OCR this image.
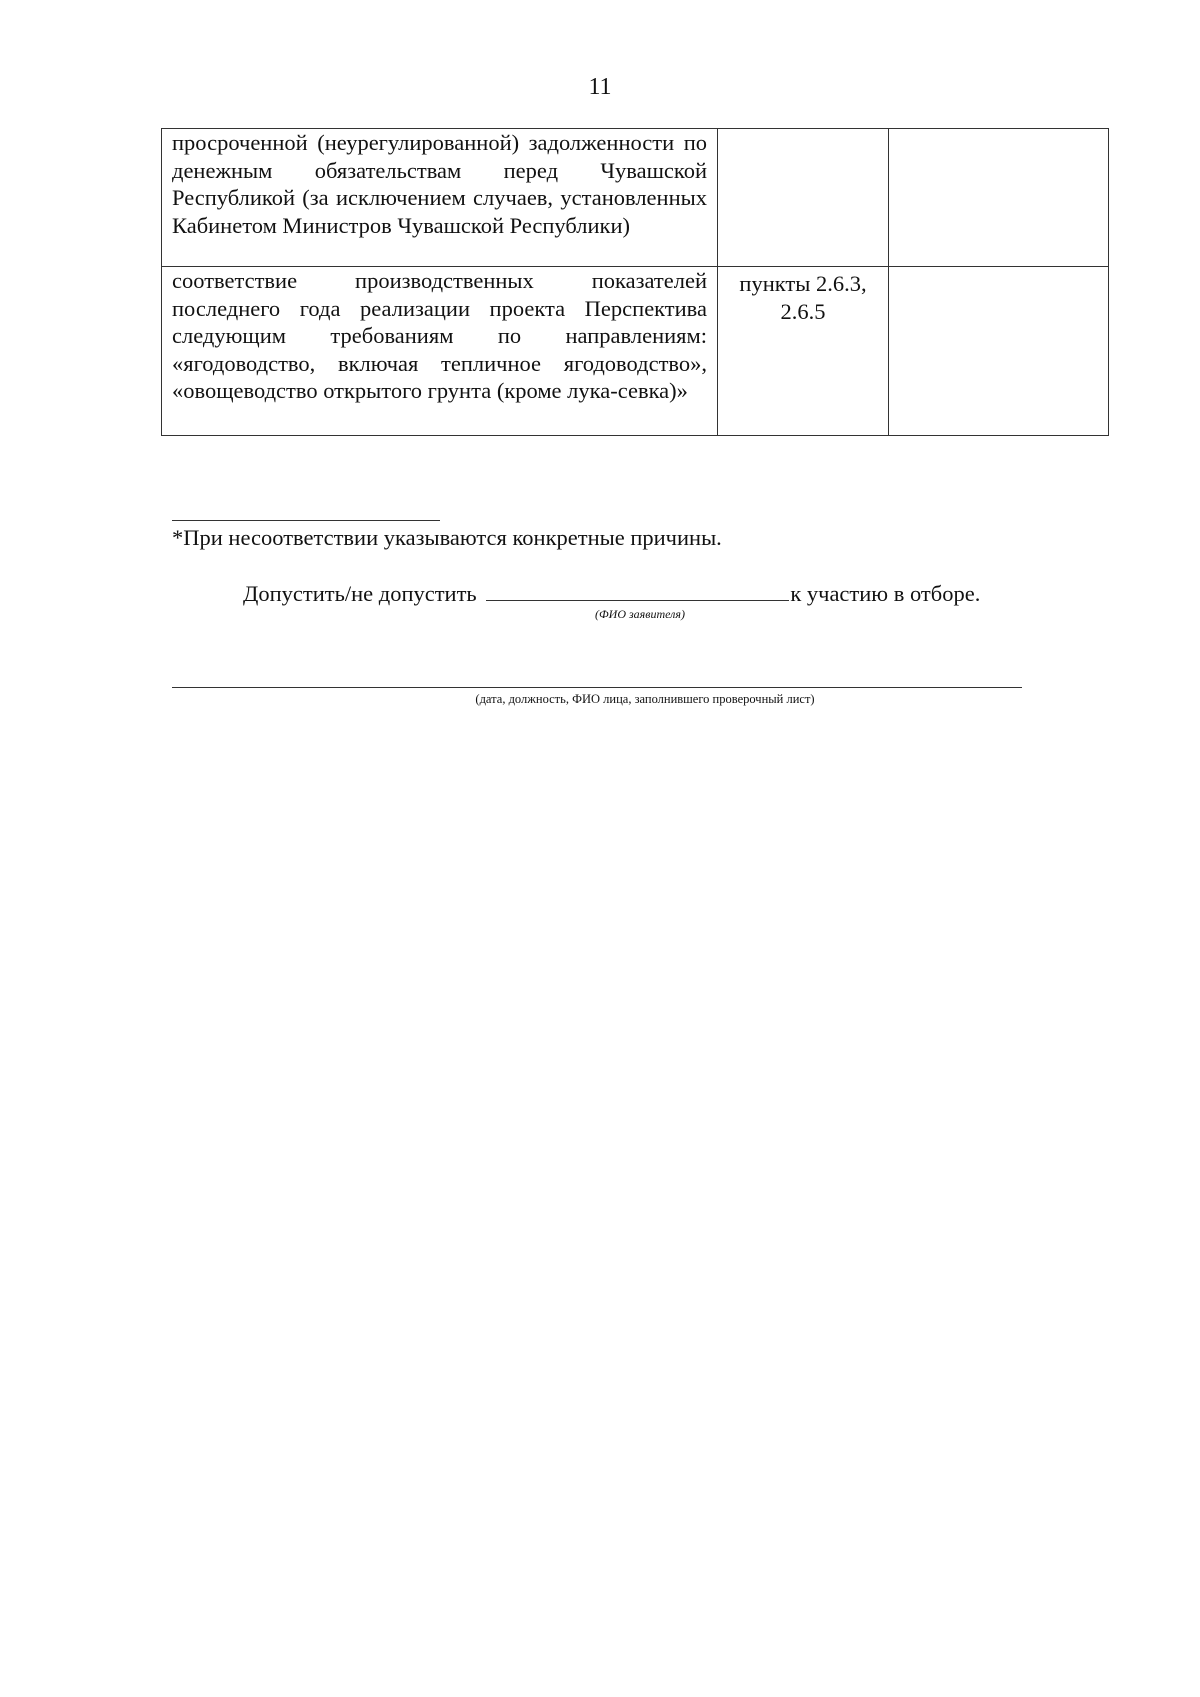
11
просроченной (неурегулированной) задолженности по денежным обязательствам перед Чувашской Республикой (за исключением случаев, установленных Кабинетом Министров Чувашской Республики)		
соответствие производственных показателей последнего года реализации проекта Перспектива следующим требованиям по направлениям: «ягодоводство, включая тепличное ягодоводство», «овощеводство открытого грунта (кроме лука-севка)»	пункты 2.6.3, 2.6.5	
*При несоответствии указываются конкретные причины.
Допустить/не допустить	к участию в отборе.
(ФИО заявителя)
(дата, должность, ФИО лица, заполнившего проверочный лист)
